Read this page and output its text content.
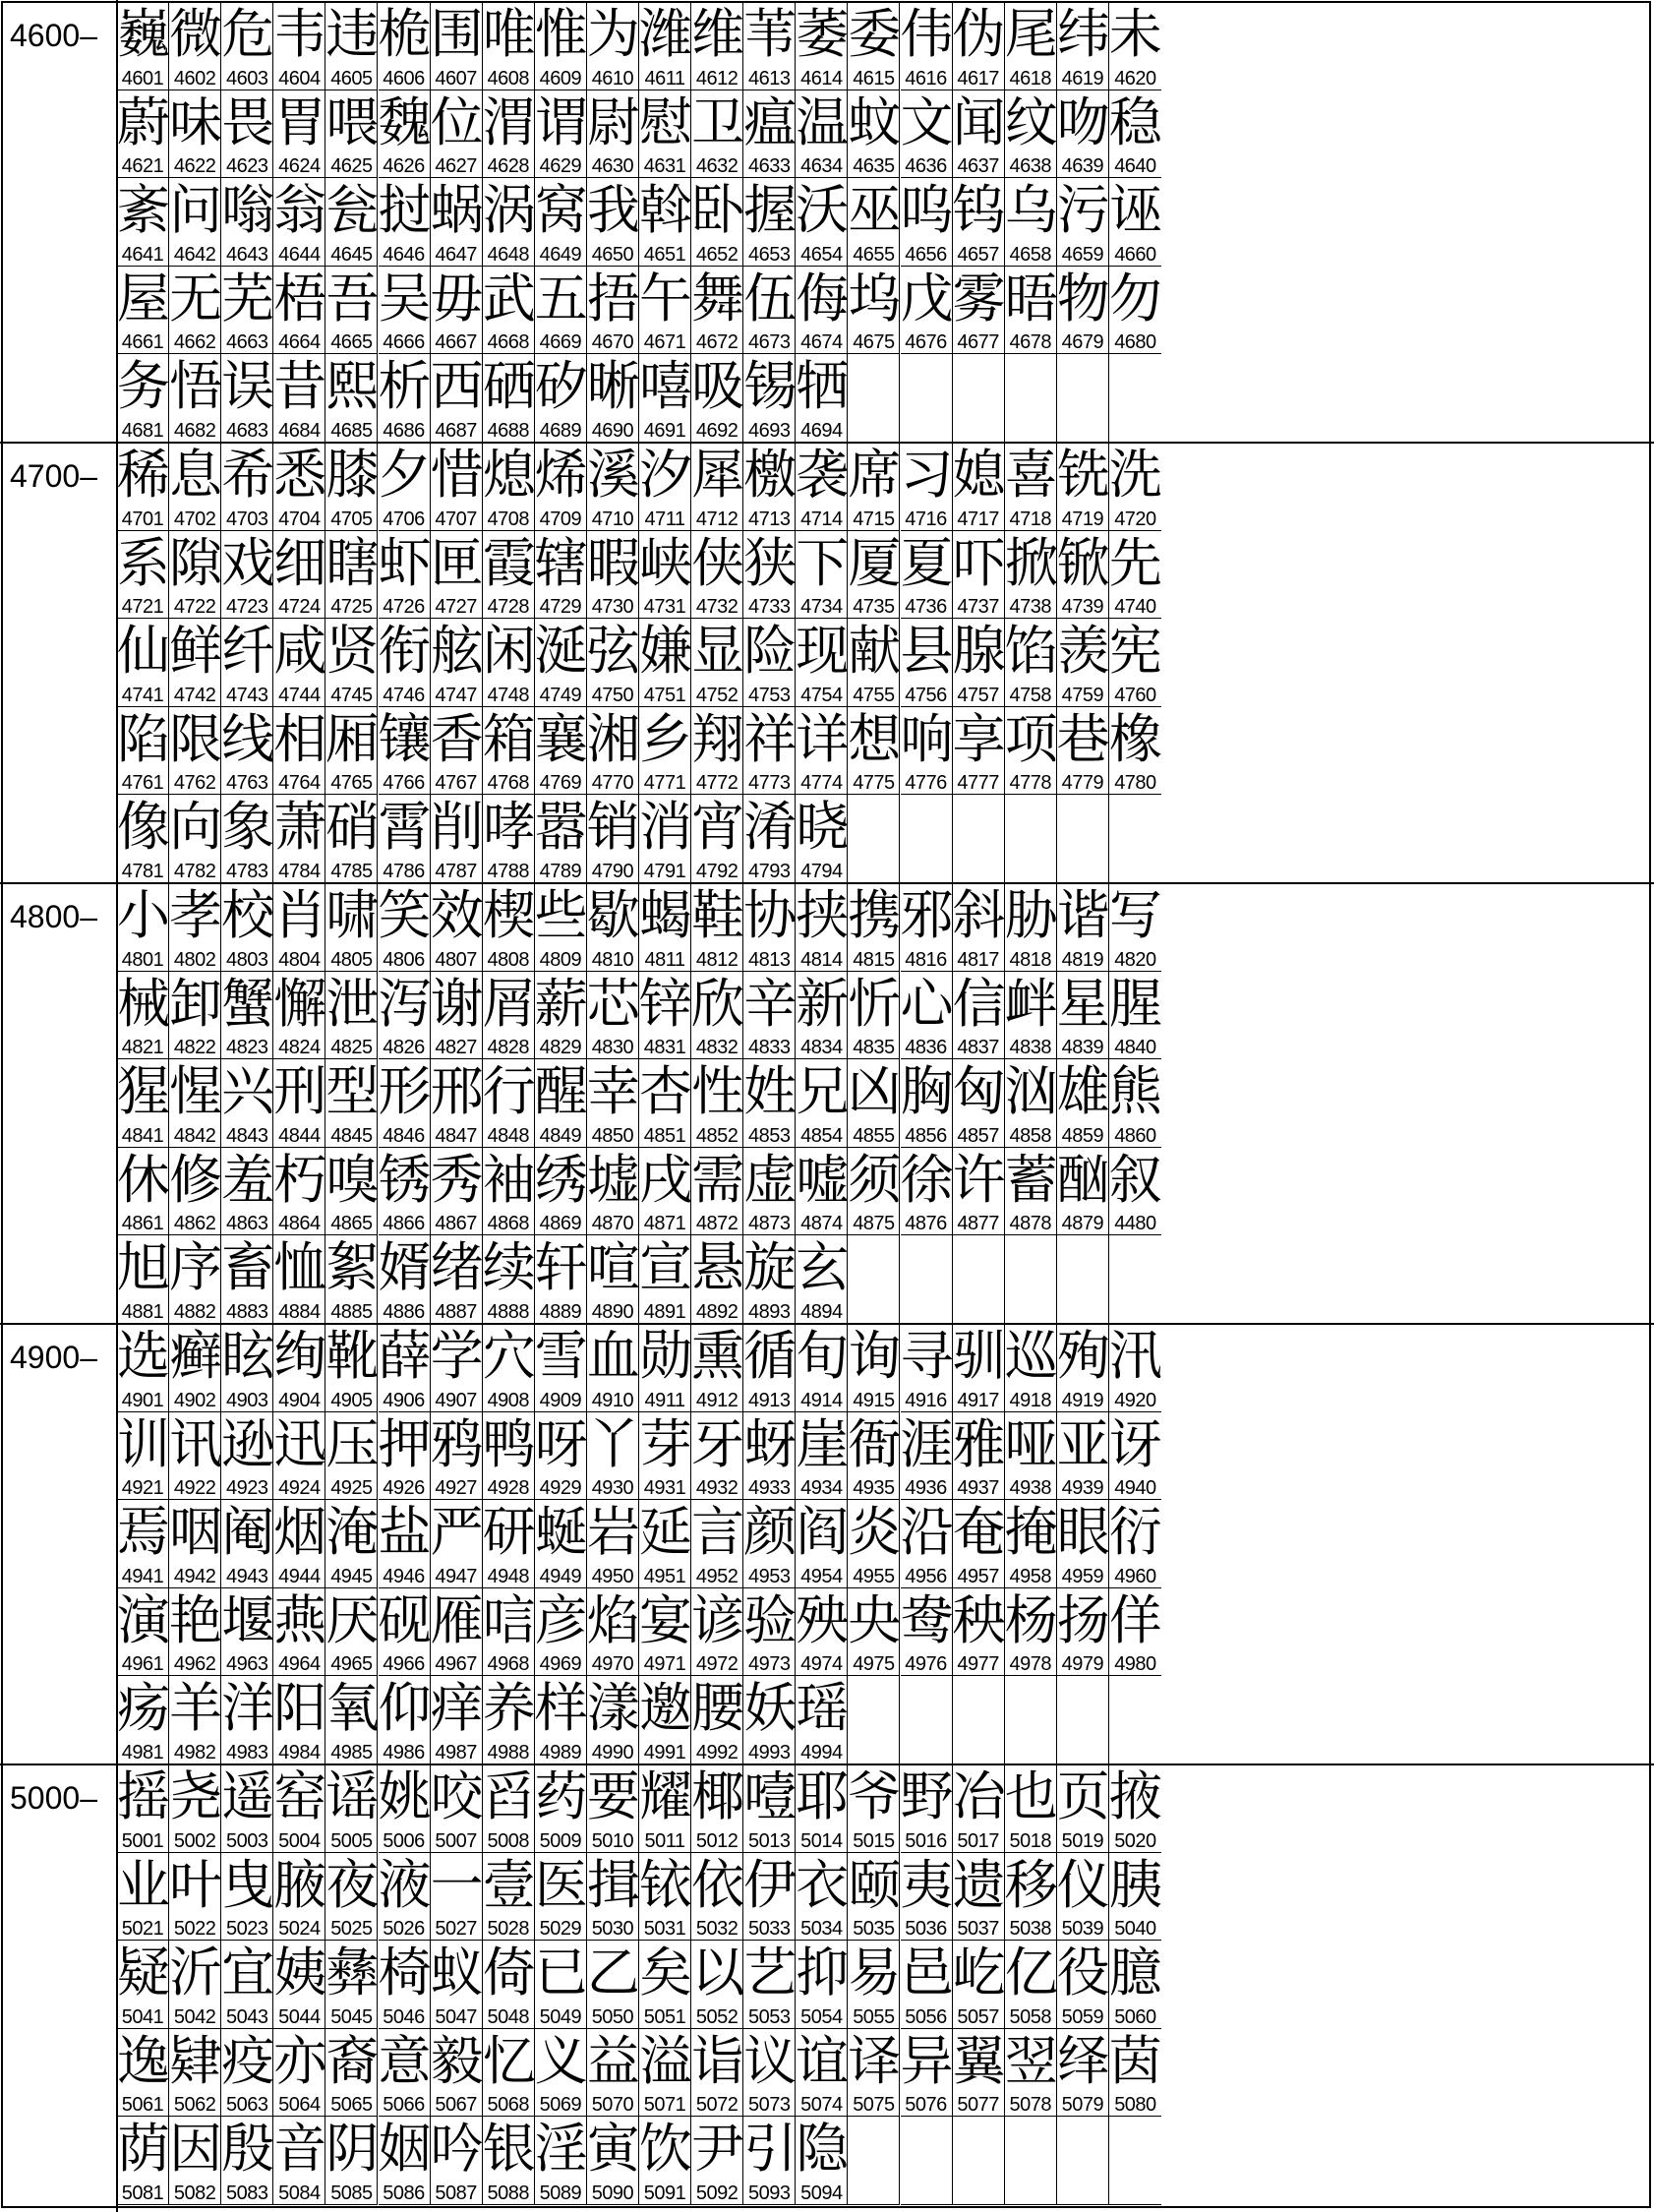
4600– 巍
4601
微
4602
危
4603
韦
4604
违
4605
桅
4606
围
4607
唯
4608
惟
4609
为
4610
潍
4611
维
4612
苇
4613
萎
4614
委
4615
伟
4616
伪
4617
尾
4618
纬
4619
未
4620
蔚
4621
味
4622
畏
4623
胃
4624
喂
4625
魏
4626
位
4627
渭
4628
谓
4629
尉
4630
慰
4631
卫
4632
瘟
4633
温
4634
蚊
4635
文
4636
闻
4637
纹
4638
吻
4639
稳
4640
紊
4641
问
4642
嗡
4643
翁
4644
瓮
4645
挝
4646
蜗
4647
涡
4648
窝
4649
我
4650
斡
4651
卧
4652
握
4653
沃
4654
巫
4655
呜
4656
钨
4657
乌
4658
污
4659
诬
4660
屋
4661
无
4662
芜
4663
梧
4664
吾
4665
吴
4666
毋
4667
武
4668
五
4669
捂
4670
午
4671
舞
4672
伍
4673
侮
4674
坞
4675
戊
4676
雾
4677
晤
4678
物
4679
勿
4680
务
4681
悟
4682
误
4683
昔
4684
熙
4685
析
4686
西
4687
硒
4688
矽
4689
晰
4690
嘻
4691
吸
4692
锡
4693
牺
4694
4700– 稀
4701
息
4702
希
4703
悉
4704
膝
4705
夕
4706
惜
4707
熄
4708
烯
4709
溪
4710
汐
4711
犀
4712
檄
4713
袭
4714
席
4715
习
4716
媳
4717
喜
4718
铣
4719
洗
4720
系
4721
隙
4722
戏
4723
细
4724
瞎
4725
虾
4726
匣
4727
霞
4728
辖
4729
暇
4730
峡
4731
侠
4732
狭
4733
下
4734
厦
4735
夏
4736
吓
4737
掀
4738
锨
4739
先
4740
仙
4741
鲜
4742
纤
4743
咸
4744
贤
4745
衔
4746
舷
4747
闲
4748
涎
4749
弦
4750
嫌
4751
显
4752
险
4753
现
4754
献
4755
县
4756
腺
4757
馅
4758
羡
4759
宪
4760
陷
4761
限
4762
线
4763
相
4764
厢
4765
镶
4766
香
4767
箱
4768
襄
4769
湘
4770
乡
4771
翔
4772
祥
4773
详
4774
想
4775
响
4776
享
4777
项
4778
巷
4779
橡
4780
像
4781
向
4782
象
4783
萧
4784
硝
4785
霄
4786
削
4787
哮
4788
嚣
4789
销
4790
消
4791
宵
4792
淆
4793
晓
4794
4800– 小
4801
孝
4802
校
4803
肖
4804
啸
4805
笑
4806
效
4807
楔
4808
些
4809
歇
4810
蝎
4811
鞋
4812
协
4813
挟
4814
携
4815
邪
4816
斜
4817
胁
4818
谐
4819
写
4820
械
4821
卸
4822
蟹
4823
懈
4824
泄
4825
泻
4826
谢
4827
屑
4828
薪
4829
芯
4830
锌
4831
欣
4832
辛
4833
新
4834
忻
4835
心
4836
信
4837
衅
4838
星
4839
腥
4840
猩
4841
惺
4842
兴
4843
刑
4844
型
4845
形
4846
邢
4847
行
4848
醒
4849
幸
4850
杏
4851
性
4852
姓
4853
兄
4854
凶
4855
胸
4856
匈
4857
汹
4858
雄
4859
熊
4860
休
4861
修
4862
羞
4863
朽
4864
嗅
4865
锈
4866
秀
4867
袖
4868
绣
4869
墟
4870
戌
4871
需
4872
虚
4873
嘘
4874
须
4875
徐
4876
许
4877
蓄
4878
酗
4879
叙
4480
旭
4881
序
4882
畜
4883
恤
4884
絮
4885
婿
4886
绪
4887
续
4888
轩
4889
喧
4890
宣
4891
悬
4892
旋
4893
玄
4894
4900– 选
4901
癣
4902
眩
4903
绚
4904
靴
4905
薛
4906
学
4907
穴
4908
雪
4909
血
4910
勋
4911
熏
4912
循
4913
旬
4914
询
4915
寻
4916
驯
4917
巡
4918
殉
4919
汛
4920
训
4921
讯
4922
逊
4923
迅
4924
压
4925
押
4926
鸦
4927
鸭
4928
呀
4929
丫
4930
芽
4931
牙
4932
蚜
4933
崖
4934
衙
4935
涯
4936
雅
4937
哑
4938
亚
4939
讶
4940
焉
4941
咽
4942
阉
4943
烟
4944
淹
4945
盐
4946
严
4947
研
4948
蜒
4949
岩
4950
延
4951
言
4952
颜
4953
阎
4954
炎
4955
沿
4956
奄
4957
掩
4958
眼
4959
衍
4960
演
4961
艳
4962
堰
4963
燕
4964
厌
4965
砚
4966
雁
4967
唁
4968
彦
4969
焰
4970
宴
4971
谚
4972
验
4973
殃
4974
央
4975
鸯
4976
秧
4977
杨
4978
扬
4979
佯
4980
疡
4981
羊
4982
洋
4983
阳
4984
氧
4985
仰
4986
痒
4987
养
4988
样
4989
漾
4990
邀
4991
腰
4992
妖
4993
瑶
4994
5000– 摇
5001
尧
5002
遥
5003
窑
5004
谣
5005
姚
5006
咬
5007
舀
5008
药
5009
要
5010
耀
5011
椰
5012
噎
5013
耶
5014
爷
5015
野
5016
冶
5017
也
5018
页
5019
掖
5020
业
5021
叶
5022
曳
5023
腋
5024
夜
5025
液
5026
一
5027
壹
5028
医
5029
揖
5030
铱
5031
依
5032
伊
5033
衣
5034
颐
5035
夷
5036
遗
5037
移
5038
仪
5039
胰
5040
疑
5041
沂
5042
宜
5043
姨
5044
彝
5045
椅
5046
蚁
5047
倚
5048
已
5049
乙
5050
矣
5051
以
5052
艺
5053
抑
5054
易
5055
邑
5056
屹
5057
亿
5058
役
5059
臆
5060
逸
5061
肄
5062
疫
5063
亦
5064
裔
5065
意
5066
毅
5067
忆
5068
义
5069
益
5070
溢
5071
诣
5072
议
5073
谊
5074
译
5075
异
5076
翼
5077
翌
5078
绎
5079
茵
5080
荫
5081
因
5082
殷
5083
音
5084
阴
5085
姻
5086
吟
5087
银
5088
淫
5089
寅
5090
饮
5091
尹
5092
引
5093
隐
5094
